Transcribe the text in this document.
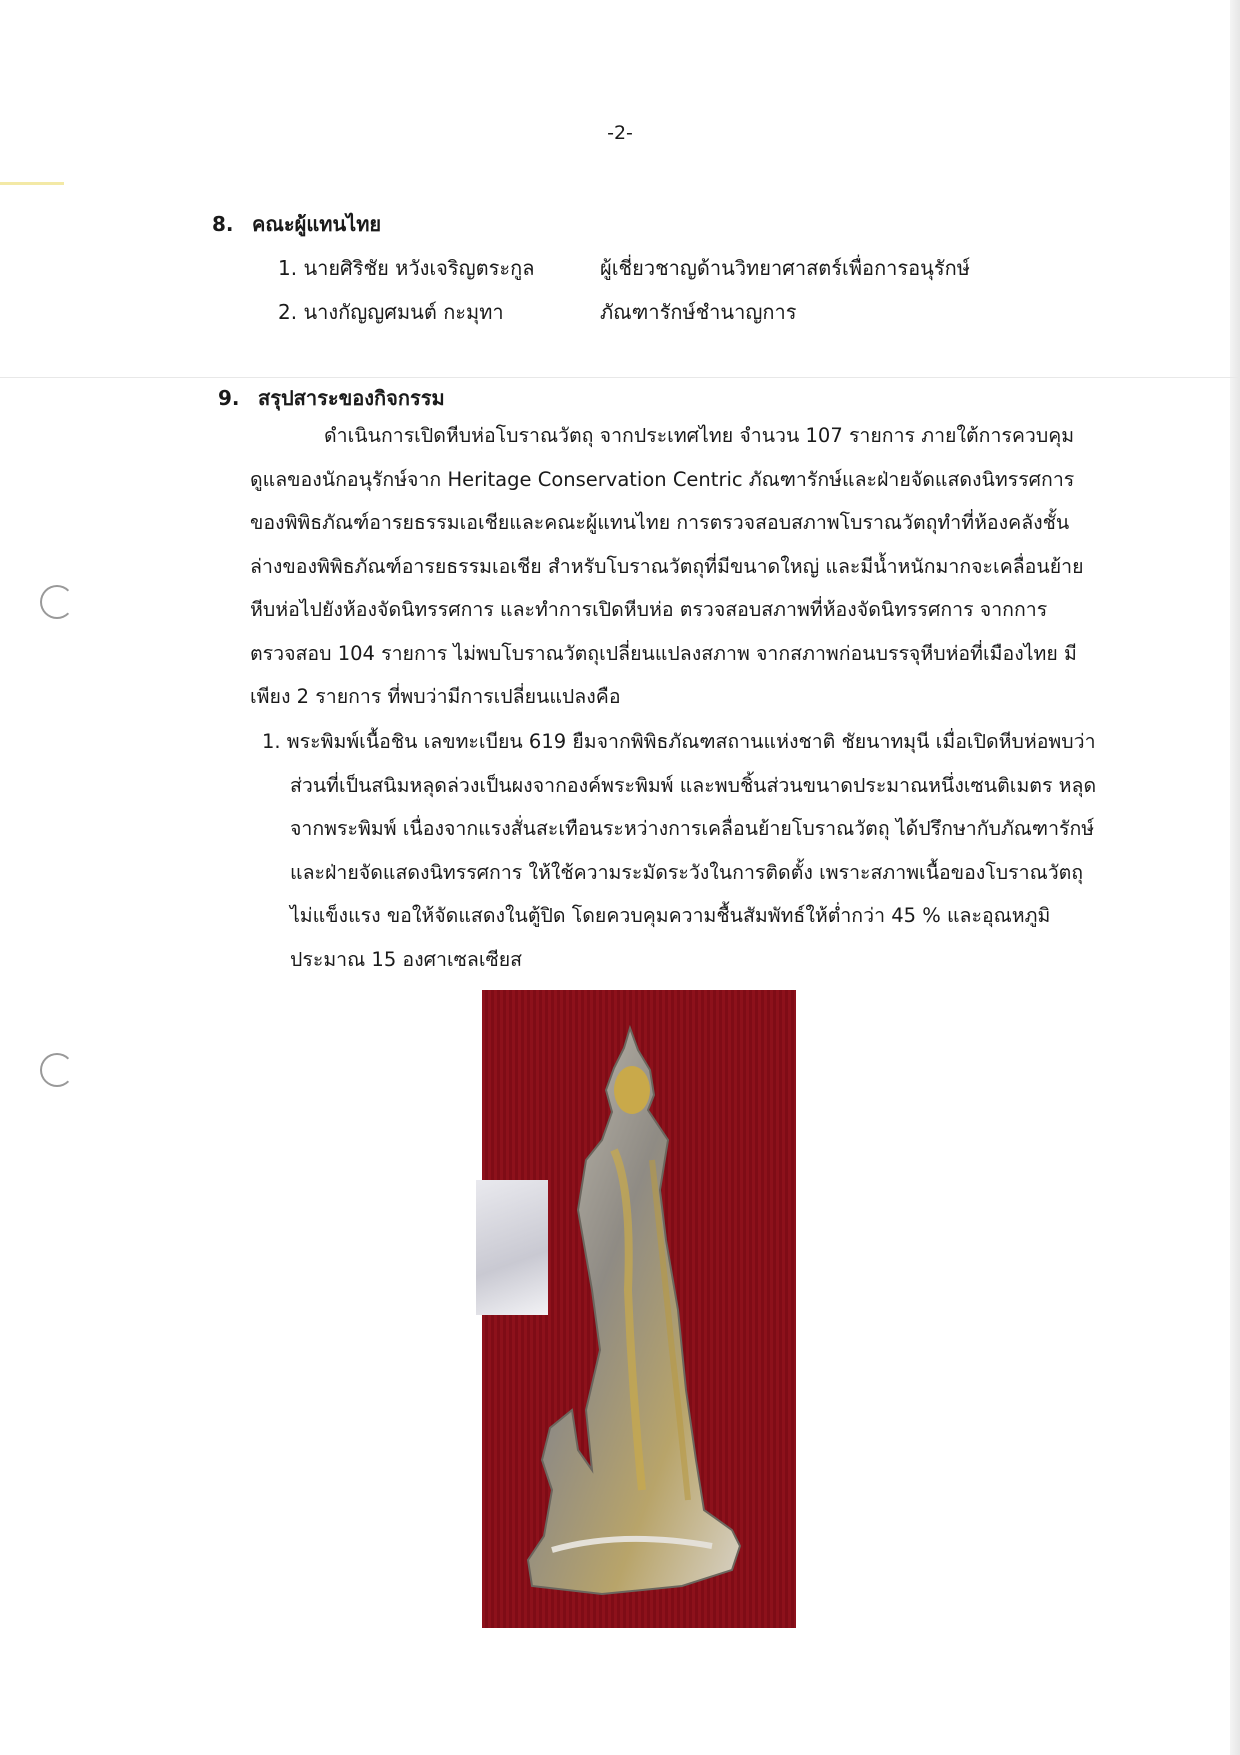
-2-
8. คณะผู้แทนไทย
1. นายศิริชัย หวังเจริญตระกูล	ผู้เชี่ยวชาญด้านวิทยาศาสตร์เพื่อการอนุรักษ์
2. นางกัญญศมนต์ กะมุทา	ภัณฑารักษ์ชำนาญการ
9. สรุปสาระของกิจกรรม

ดำเนินการเปิดหีบห่อโบราณวัตถุ จากประเทศไทย จำนวน 107 รายการ ภายใต้การควบคุมดูแลของนักอนุรักษ์จาก Heritage Conservation Centric ภัณฑารักษ์และฝ่ายจัดแสดงนิทรรศการของพิพิธภัณฑ์อารยธรรมเอเชียและคณะผู้แทนไทย การตรวจสอบสภาพโบราณวัตถุทำที่ห้องคลังชั้นล่างของพิพิธภัณฑ์อารยธรรมเอเชีย สำหรับโบราณวัตถุที่มีขนาดใหญ่ และมีน้ำหนักมากจะเคลื่อนย้ายหีบห่อไปยังห้องจัดนิทรรศการ และทำการเปิดหีบห่อ ตรวจสอบสภาพที่ห้องจัดนิทรรศการ จากการตรวจสอบ 104 รายการ ไม่พบโบราณวัตถุเปลี่ยนแปลงสภาพ จากสภาพก่อนบรรจุหีบห่อที่เมืองไทย มีเพียง 2 รายการ ที่พบว่ามีการเปลี่ยนแปลงคือ

1. พระพิมพ์เนื้อชิน เลขทะเบียน 619 ยืมจากพิพิธภัณฑสถานแห่งชาติ ชัยนาทมุนี เมื่อเปิดหีบห่อพบว่า ส่วนที่เป็นสนิมหลุดล่วงเป็นผงจากองค์พระพิมพ์ และพบชิ้นส่วนขนาดประมาณหนึ่งเซนติเมตร หลุดจากพระพิมพ์ เนื่องจากแรงสั่นสะเทือนระหว่างการเคลื่อนย้ายโบราณวัตถุ ได้ปรึกษากับภัณฑารักษ์และฝ่ายจัดแสดงนิทรรศการ ให้ใช้ความระมัดระวังในการติดตั้ง เพราะสภาพเนื้อของโบราณวัตถุไม่แข็งแรง ขอให้จัดแสดงในตู้ปิด โดยควบคุมความชื้นสัมพัทธ์ให้ต่ำกว่า 45 % และอุณหภูมิประมาณ 15 องศาเซลเซียส
